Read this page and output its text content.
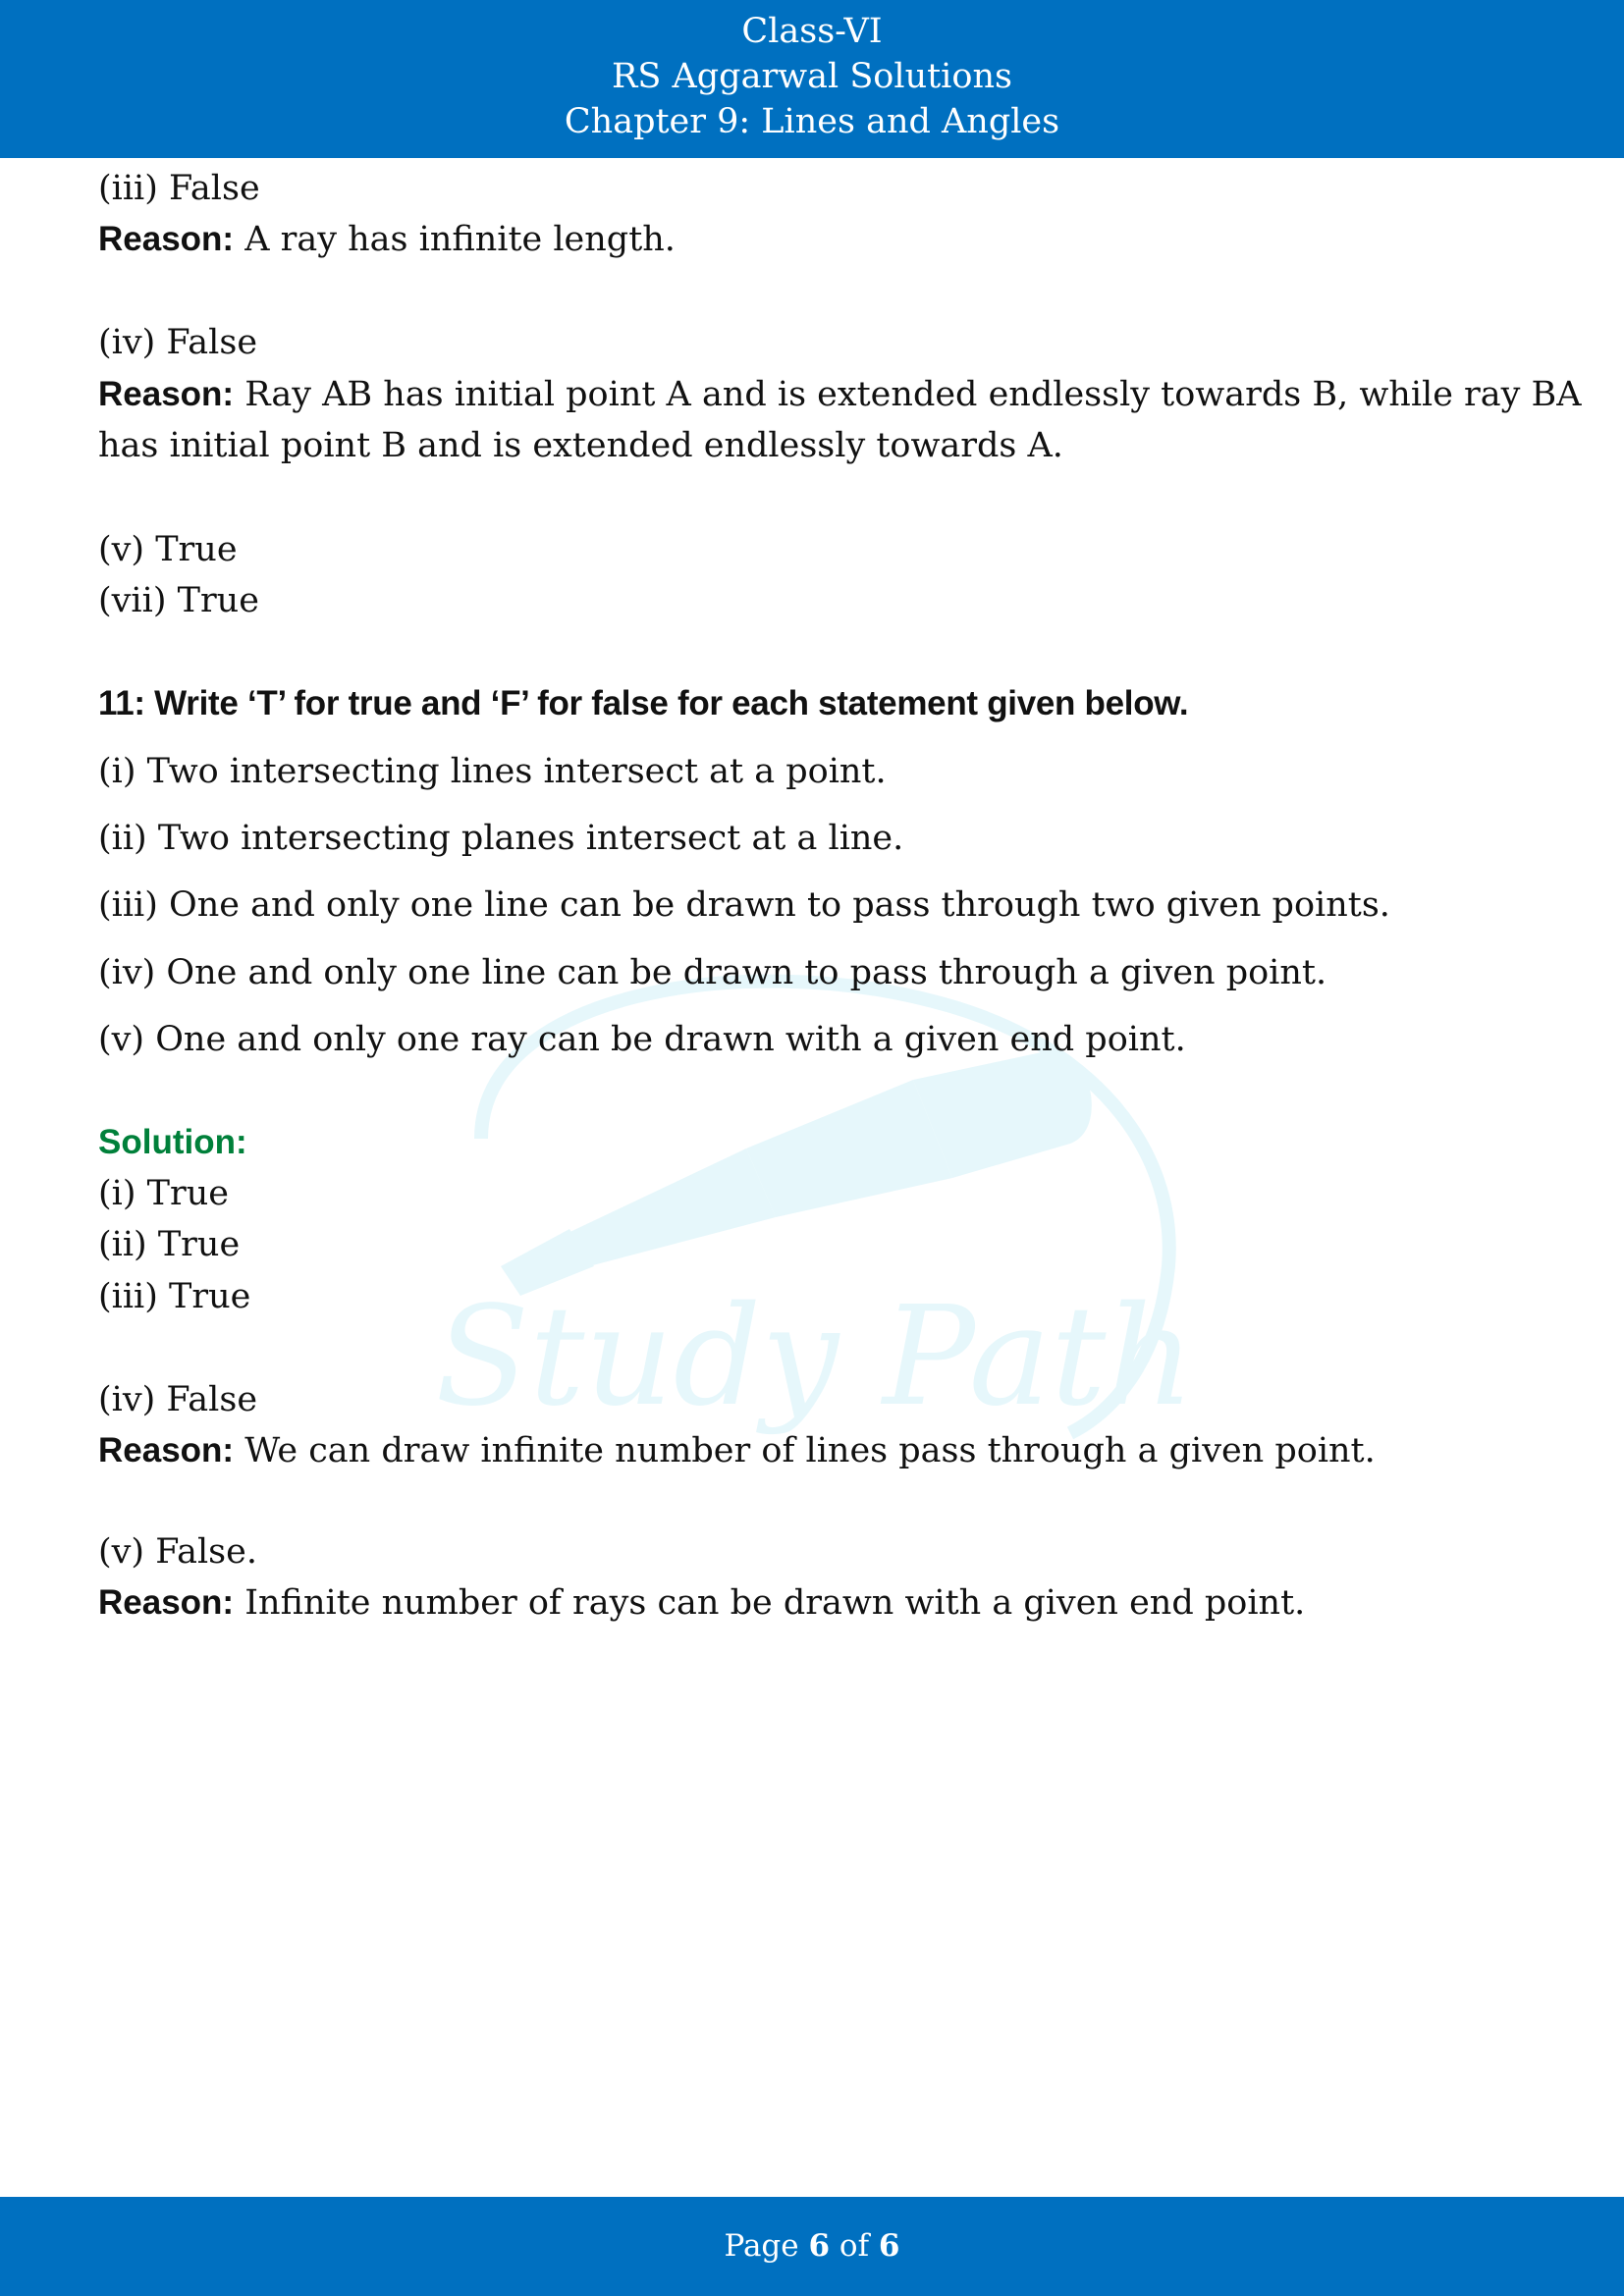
Class-VI
RS Aggarwal Solutions
Chapter 9: Lines and Angles
Study Path
(iii) False
Reason: A ray has infinite length.
(iv) False
Reason: Ray AB has initial point A and is extended endlessly towards B, while ray BA
has initial point B and is extended endlessly towards A.
(v) True
(vii) True
11: Write ‘T’ for true and ‘F’ for false for each statement given below.
(i) Two intersecting lines intersect at a point.
(ii) Two intersecting planes intersect at a line.
(iii) One and only one line can be drawn to pass through two given points.
(iv) One and only one line can be drawn to pass through a given point.
(v) One and only one ray can be drawn with a given end point.
Solution:
(i) True
(ii) True
(iii) True
(iv) False
Reason: We can draw infinite number of lines pass through a given point.
(v) False.
Reason: Infinite number of rays can be drawn with a given end point.
Page 6 of 6
